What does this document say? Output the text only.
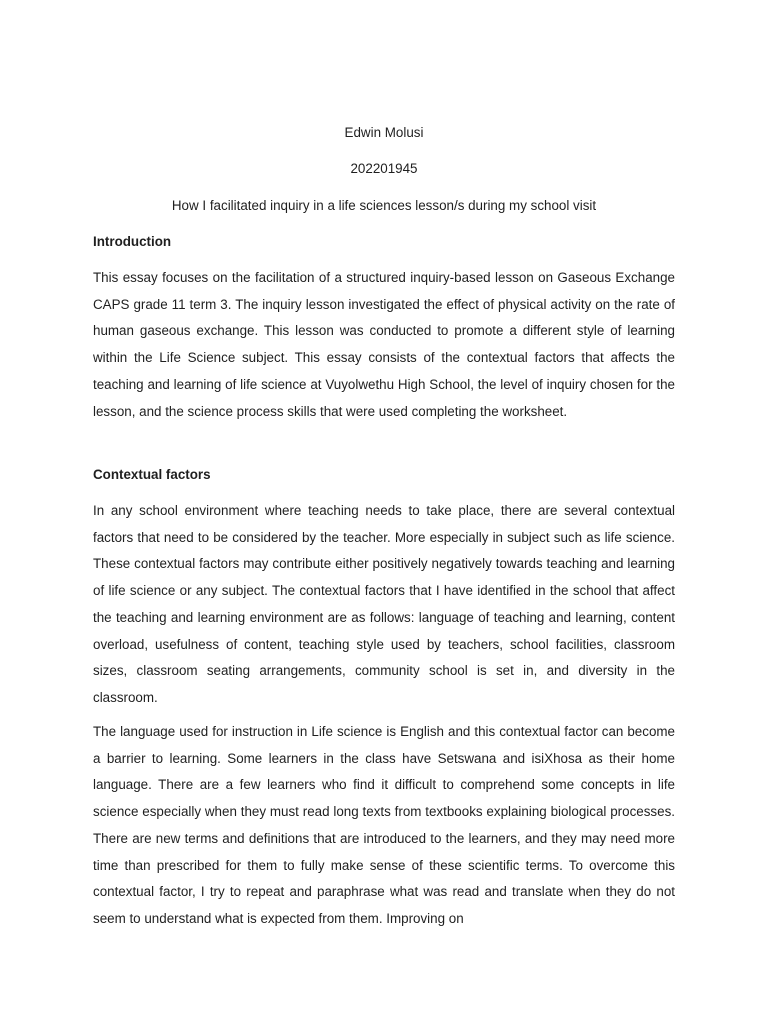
Edwin Molusi

202201945

How I facilitated inquiry in a life sciences lesson/s during my school visit

Introduction

This essay focuses on the facilitation of a structured inquiry-based lesson on Gaseous Exchange CAPS grade 11 term 3. The inquiry lesson investigated the effect of physical activity on the rate of human gaseous exchange. This lesson was conducted to promote a different style of learning within the Life Science subject. This essay consists of the contextual factors that affects the teaching and learning of life science at Vuyolwethu High School, the level of inquiry chosen for the lesson, and the science process skills that were used completing the worksheet.

Contextual factors

In any school environment where teaching needs to take place, there are several contextual factors that need to be considered by the teacher. More especially in subject such as life science. These contextual factors may contribute either positively negatively towards teaching and learning of life science or any subject. The contextual factors that I have identified in the school that affect the teaching and learning environment are as follows: language of teaching and learning, content overload, usefulness of content, teaching style used by teachers, school facilities, classroom sizes, classroom seating arrangements, community school is set in, and diversity in the classroom.

The language used for instruction in Life science is English and this contextual factor can become a barrier to learning. Some learners in the class have Setswana and isiXhosa as their home language. There are a few learners who find it difficult to comprehend some concepts in life science especially when they must read long texts from textbooks explaining biological processes. There are new terms and definitions that are introduced to the learners, and they may need more time than prescribed for them to fully make sense of these scientific terms. To overcome this contextual factor, I try to repeat and paraphrase what was read and translate when they do not seem to understand what is expected from them. Improving on
